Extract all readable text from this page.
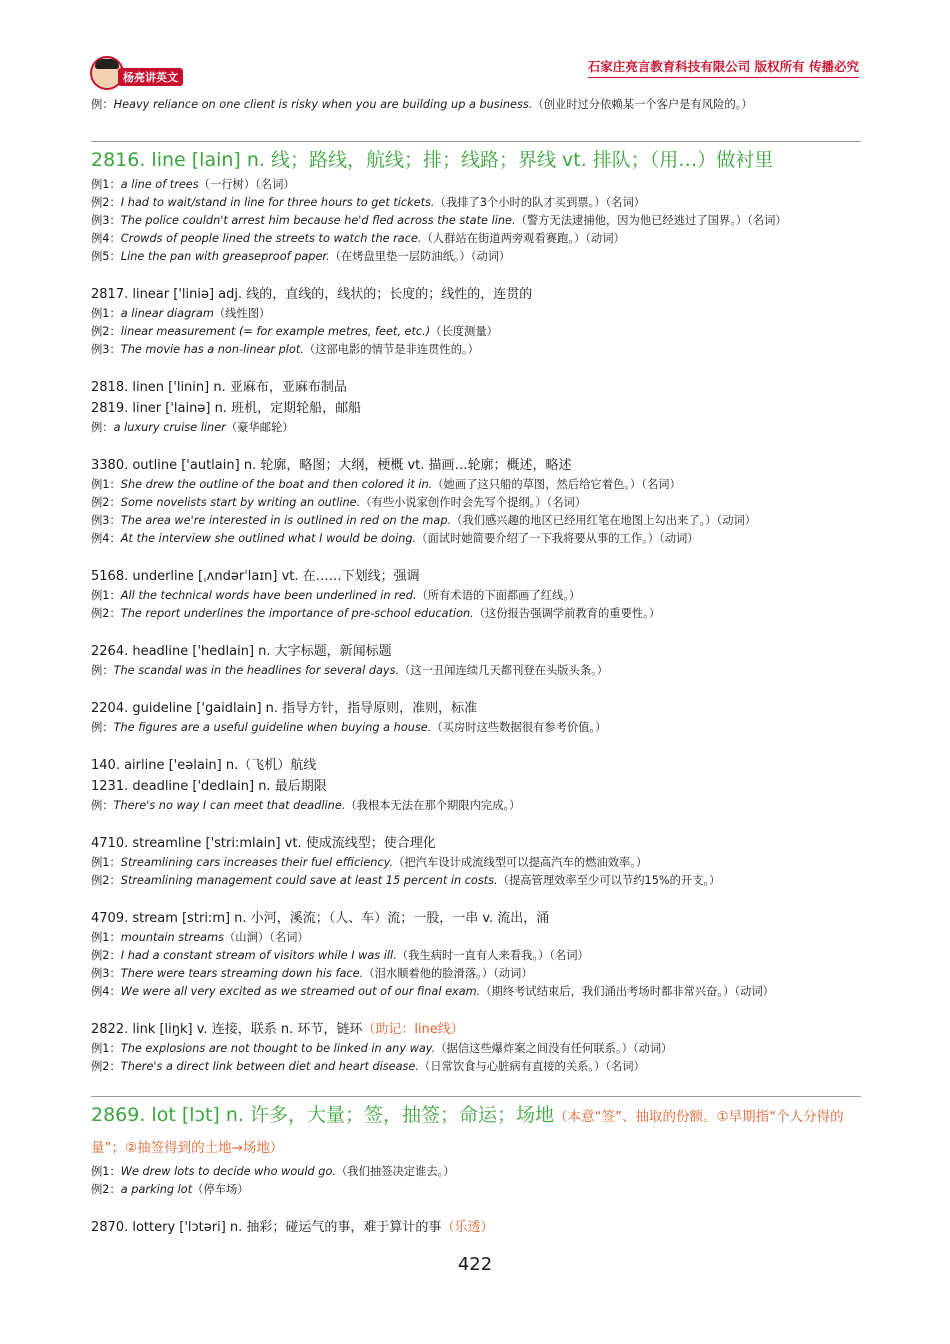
杨亮讲英文
石家庄亮言教育科技有限公司 版权所有 传播必究

例：Heavy reliance on one client is risky when you are building up a business.（创业时过分依赖某一个客户是有风险的。）

2816. line [lain] n. 线；路线，航线；排；线路；界线 vt. 排队；（用…）做衬里

例1：a line of trees（一行树）（名词）

例2：I had to wait/stand in line for three hours to get tickets.（我排了3个小时的队才买到票。）（名词）

例3：The police couldn't arrest him because he'd fled across the state line.（警方无法逮捕他，因为他已经逃过了国界。）（名词）

例4：Crowds of people lined the streets to watch the race.（人群站在街道两旁观看赛跑。）（动词）

例5：Line the pan with greaseproof paper.（在烤盘里垫一层防油纸。）（动词）

2817. linear ['liniə] adj. 线的，直线的，线状的；长度的；线性的，连贯的

例1：a linear diagram（线性图）

例2：linear measurement (= for example metres, feet, etc.)（长度测量）

例3：The movie has a non-linear plot.（这部电影的情节是非连贯性的。）

2818. linen ['linin] n. 亚麻布，亚麻布制品

2819. liner ['lainə] n. 班机，定期轮船，邮船

例：a luxury cruise liner（豪华邮轮）

3380. outline ['autlain] n. 轮廓，略图；大纲，梗概 vt. 描画…轮廓；概述，略述

例1：She drew the outline of the boat and then colored it in.（她画了这只船的草图，然后给它着色。）（名词）

例2：Some novelists start by writing an outline.（有些小说家创作时会先写个提纲。）（名词）

例3：The area we're interested in is outlined in red on the map.（我们感兴趣的地区已经用红笔在地图上勾出来了。）（动词）

例4：At the interview she outlined what I would be doing.（面试时她简要介绍了一下我将要从事的工作。）（动词）

5168. underline [ˌʌndərˈlaɪn] vt. 在……下划线；强调

例1：All the technical words have been underlined in red.（所有术语的下面都画了红线。）

例2：The report underlines the importance of pre-school education.（这份报告强调学前教育的重要性。）

2264. headline ['hedlain] n. 大字标题，新闻标题

例：The scandal was in the headlines for several days.（这一丑闻连续几天都刊登在头版头条。）

2204. guideline ['gaidlain] n. 指导方针，指导原则，准则，标准

例：The figures are a useful guideline when buying a house.（买房时这些数据很有参考价值。）

140. airline ['eəlain] n.（飞机）航线

1231. deadline ['dedlain] n. 最后期限

例：There's no way I can meet that deadline.（我根本无法在那个期限内完成。）

4710. streamline ['stri:mlain] vt. 使成流线型；使合理化

例1：Streamlining cars increases their fuel efficiency.（把汽车设计成流线型可以提高汽车的燃油效率。）

例2：Streamlining management could save at least 15 percent in costs.（提高管理效率至少可以节约15%的开支。）

4709. stream [stri:m] n. 小河，溪流；（人、车）流；一股，一串 v. 流出，涌

例1：mountain streams（山涧）（名词）

例2：I had a constant stream of visitors while I was ill.（我生病时一直有人来看我。）（名词）

例3：There were tears streaming down his face.（泪水顺着他的脸滑落。）（动词）

例4：We were all very excited as we streamed out of our final exam.（期终考试结束后，我们涌出考场时都非常兴奋。）（动词）

2822. link [liŋk] v. 连接，联系 n. 环节，链环（助记：line线）

例1：The explosions are not thought to be linked in any way.（据信这些爆炸案之间没有任何联系。）（动词）

例2：There's a direct link between diet and heart disease.（日常饮食与心脏病有直接的关系。）（名词）

2869. lot [lɔt] n. 许多，大量；签，抽签；命运；场地（本意“签”、抽取的份额。①早期指“个人分得的量”；②抽签得到的土地→场地）

例1：We drew lots to decide who would go.（我们抽签决定谁去。）

例2：a parking lot（停车场）

2870. lottery ['lɔtəri] n. 抽彩；碰运气的事，难于算计的事（乐透）

422
